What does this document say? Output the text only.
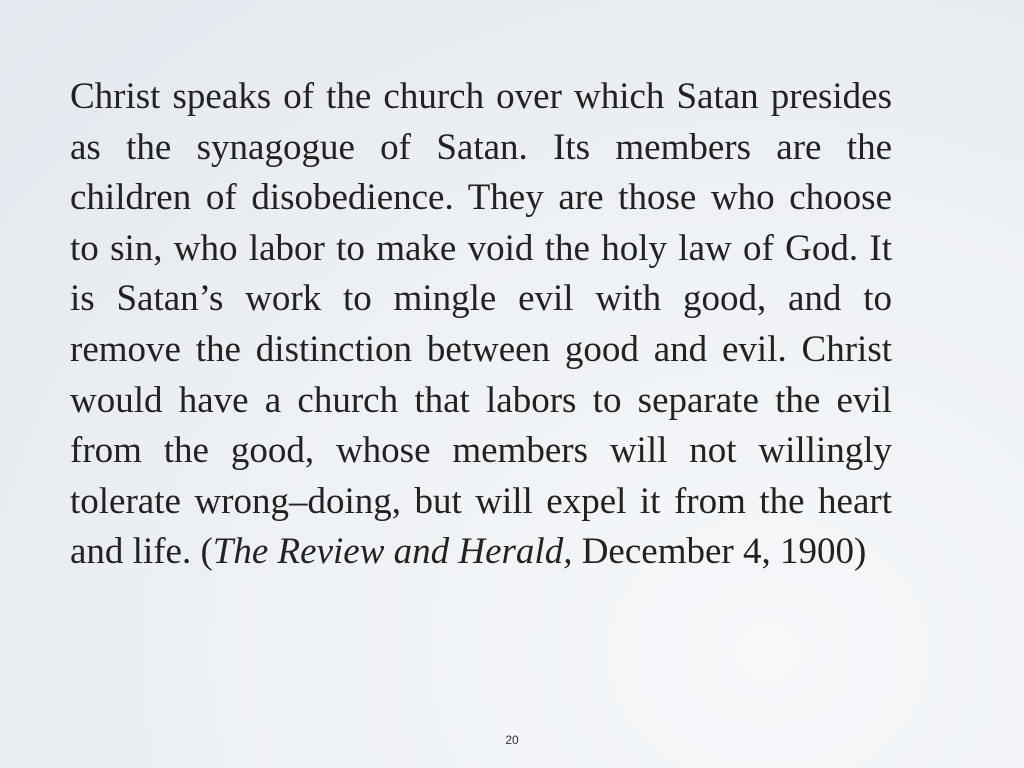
Christ speaks of the church over which Satan presides as the synagogue of Satan. Its members are the children of disobedience. They are those who choose to sin, who labor to make void the holy law of God. It is Satan’s work to mingle evil with good, and to remove the distinction between good and evil. Christ would have a church that labors to separate the evil from the good, whose members will not willingly tolerate wrong–doing, but will expel it from the heart and life. (The Review and Herald, December 4, 1900)

20
